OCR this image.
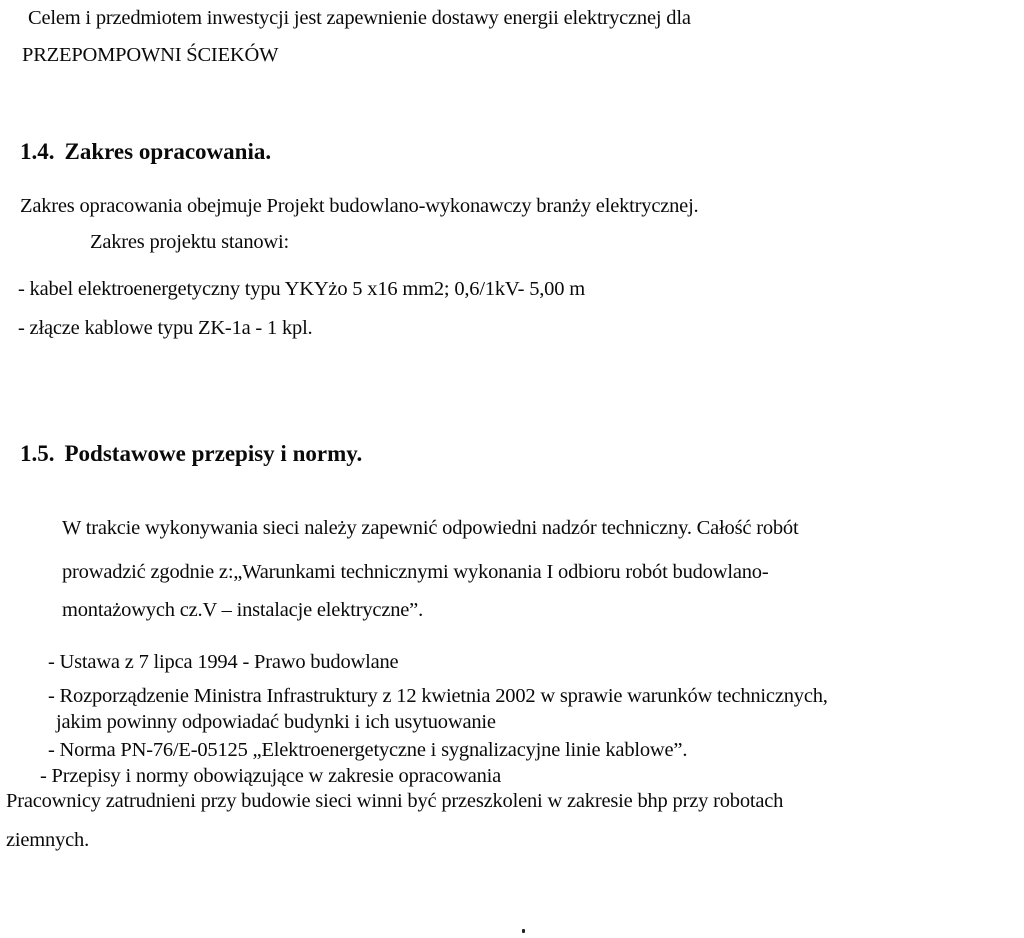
Celem i przedmiotem inwestycji jest zapewnienie dostawy energii elektrycznej dla
PRZEPOMPOWNI ŚCIEKÓW
1.4. Zakres opracowania.
Zakres opracowania obejmuje Projekt budowlano-wykonawczy branży elektrycznej.
Zakres projektu stanowi:
- kabel elektroenergetyczny typu YKYżo 5 x16 mm2; 0,6/1kV- 5,00 m
- złącze kablowe typu ZK-1a - 1 kpl.
1.5. Podstawowe przepisy i normy.
W trakcie wykonywania sieci należy zapewnić odpowiedni nadzór techniczny. Całość robót
prowadzić zgodnie z:„Warunkami technicznymi wykonania I odbioru robót budowlano-
montażowych cz.V – instalacje elektryczne”.
- Ustawa z 7 lipca 1994 - Prawo budowlane
- Rozporządzenie Ministra Infrastruktury z 12 kwietnia 2002 w sprawie warunków technicznych,
jakim powinny odpowiadać budynki i ich usytuowanie
- Norma PN-76/E-05125 „Elektroenergetyczne i sygnalizacyjne linie kablowe”.
- Przepisy i normy obowiązujące w zakresie opracowania
Pracownicy zatrudnieni przy budowie sieci winni być przeszkoleni w zakresie bhp przy robotach
ziemnych.
